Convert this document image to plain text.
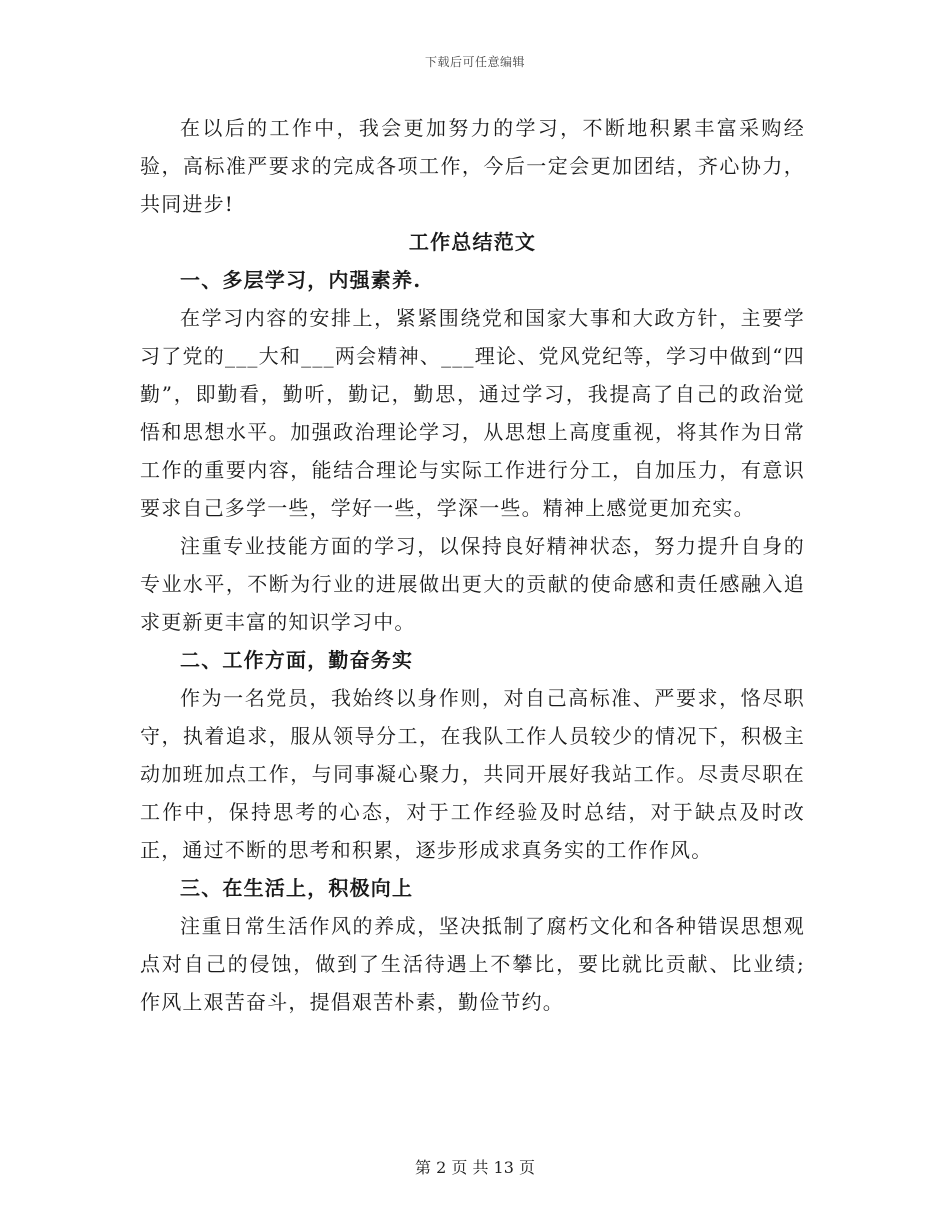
下载后可任意编辑

在以后的工作中，我会更加努力的学习，不断地积累丰富采购经验，高标准严要求的完成各项工作，今后一定会更加团结，齐心协力，共同进步!

工作总结范文

一、多层学习，内强素养.

在学习内容的安排上，紧紧围绕党和国家大事和大政方针，主要学习了党的___大和___两会精神、___理论、党风党纪等，学习中做到“四勤”，即勤看，勤听，勤记，勤思，通过学习，我提高了自己的政治觉悟和思想水平。加强政治理论学习，从思想上高度重视，将其作为日常工作的重要内容，能结合理论与实际工作进行分工，自加压力，有意识要求自己多学一些，学好一些，学深一些。精神上感觉更加充实。

注重专业技能方面的学习，以保持良好精神状态，努力提升自身的专业水平，不断为行业的进展做出更大的贡献的使命感和责任感融入追求更新更丰富的知识学习中。

二、工作方面，勤奋务实

作为一名党员，我始终以身作则，对自己高标准、严要求，恪尽职守，执着追求，服从领导分工，在我队工作人员较少的情况下，积极主动加班加点工作，与同事凝心聚力，共同开展好我站工作。尽责尽职在工作中，保持思考的心态，对于工作经验及时总结，对于缺点及时改正，通过不断的思考和积累，逐步形成求真务实的工作作风。

三、在生活上，积极向上

注重日常生活作风的养成，坚决抵制了腐朽文化和各种错误思想观点对自己的侵蚀，做到了生活待遇上不攀比，要比就比贡献、比业绩;作风上艰苦奋斗，提倡艰苦朴素，勤俭节约。

第 2 页 共 13 页
